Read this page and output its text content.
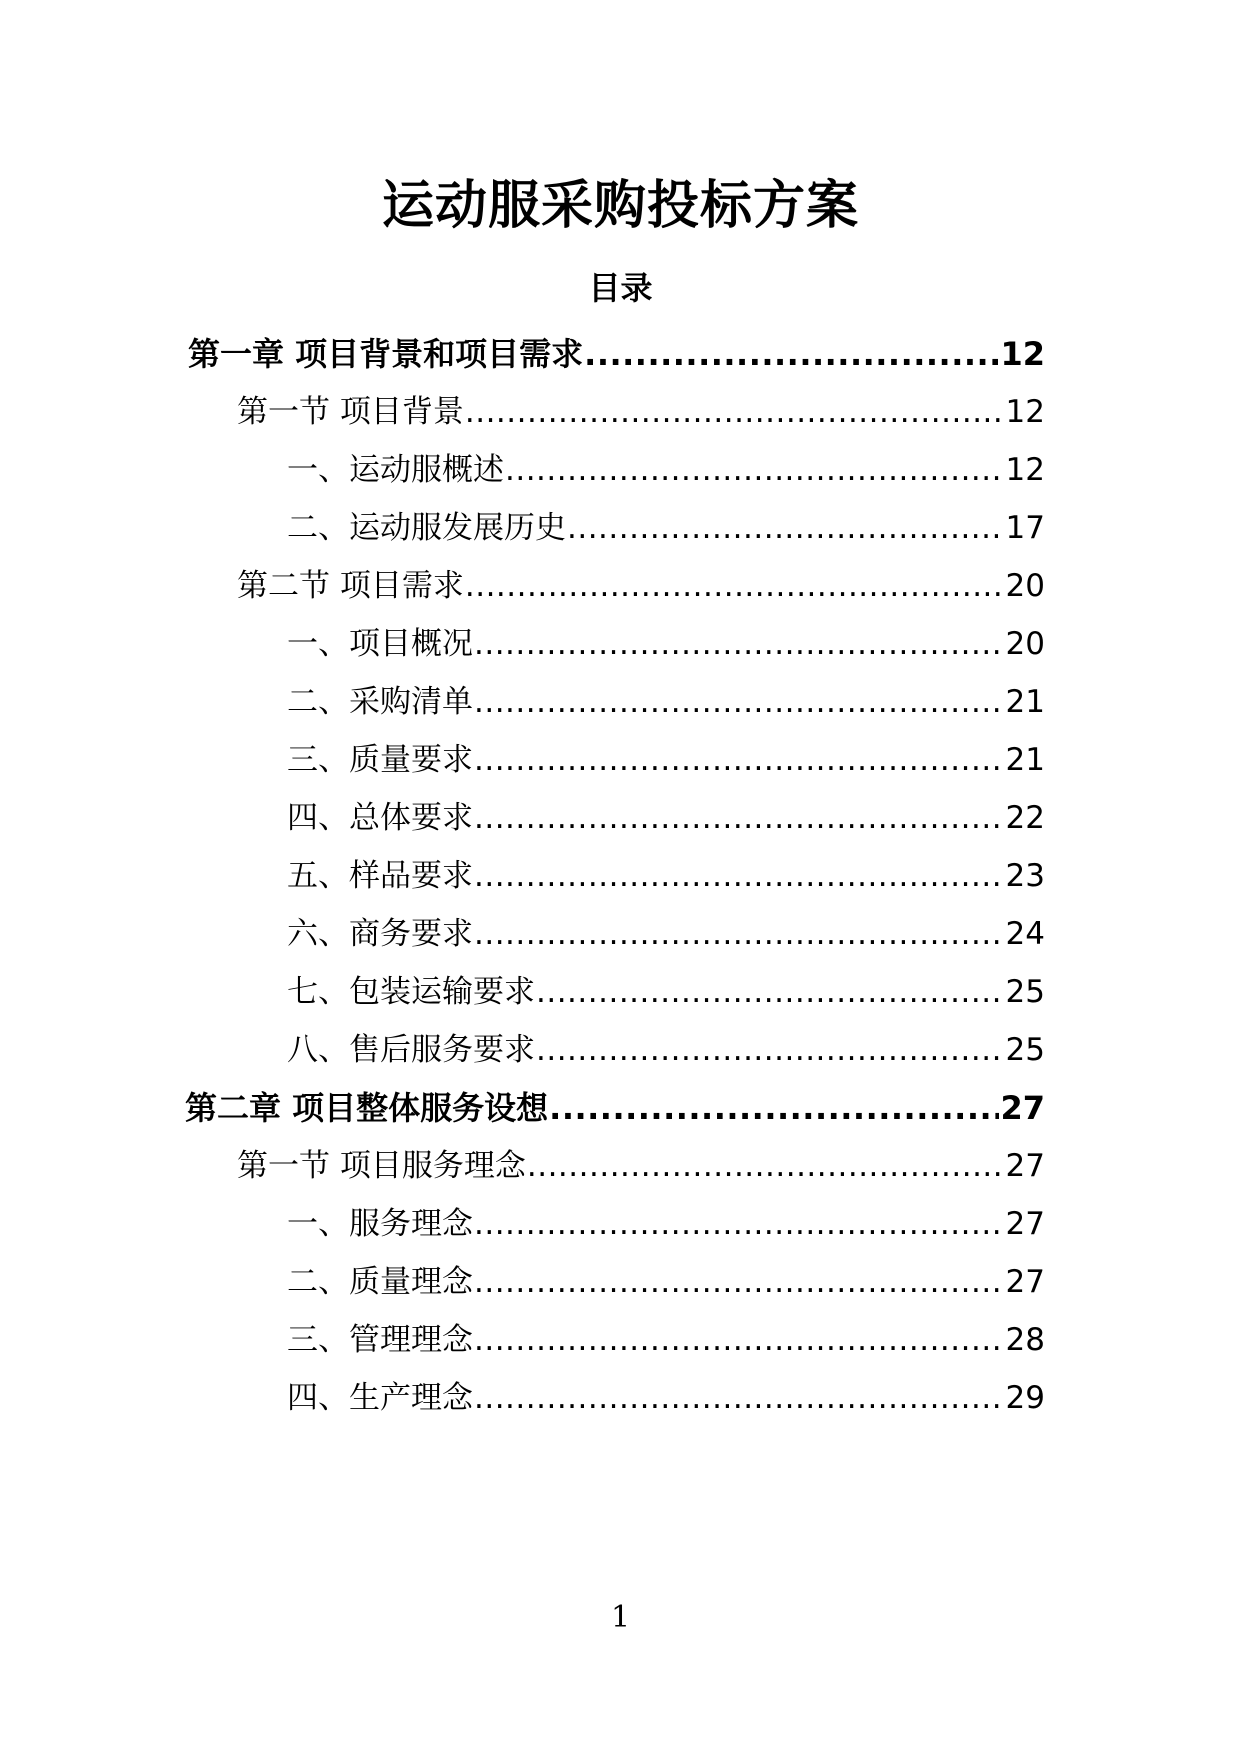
运动服采购投标方案
目录
第一章 项目背景和项目需求 .....	12
第一节 项目背景 .....	12
一、运动服概述 .....	12
二、运动服发展历史 .....	17
第二节 项目需求 .....	20
一、项目概况 .....	20
二、采购清单 .....	21
三、质量要求 .....	21
四、总体要求 .....	22
五、样品要求 .....	23
六、商务要求 .....	24
七、包装运输要求 .....	25
八、售后服务要求 .....	25
第二章 项目整体服务设想 .....	27
第一节 项目服务理念 .....	27
一、服务理念 .....	27
二、质量理念 .....	27
三、管理理念 .....	28
四、生产理念 .....	29
1
